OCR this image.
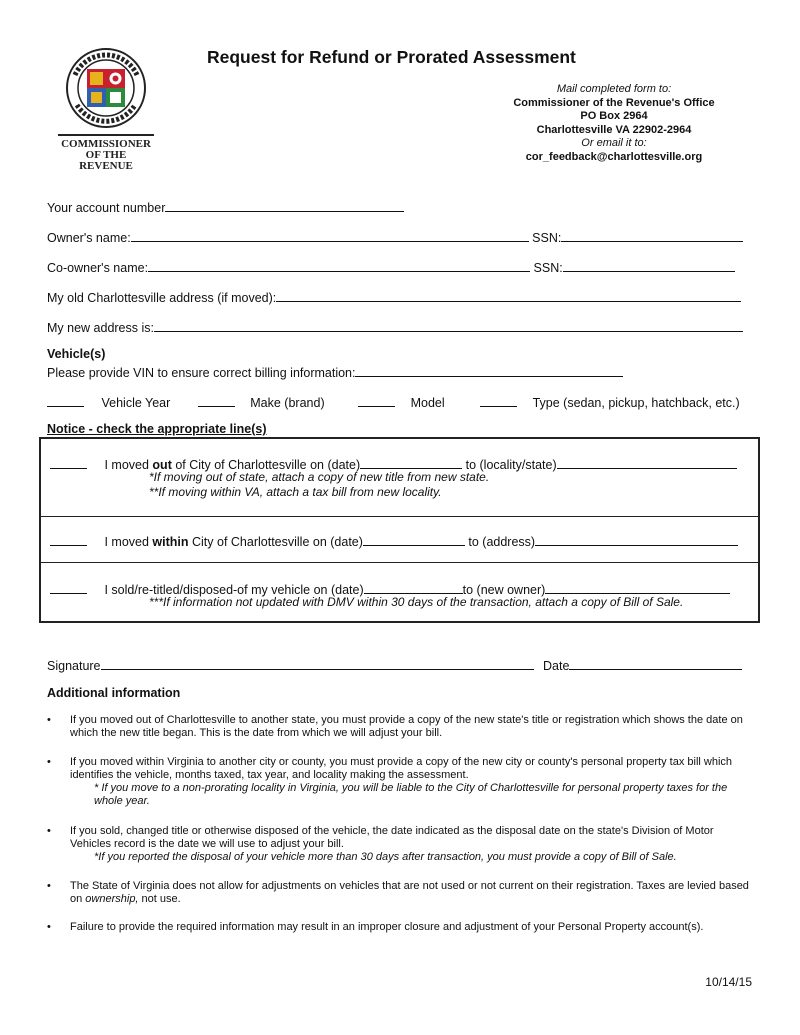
COMMISSIONER
OF THE
REVENUE
Request for Refund or Prorated Assessment
Mail completed form to:
Commissioner of the Revenue's Office
PO Box 2964
Charlottesville VA 22902-2964
Or email it to:
cor_feedback@charlottesville.org
Your account number
Owner's name:	SSN:
Co-owner's name:	SSN:
My old Charlottesville address (if moved):
My new address is:
Vehicle(s)
Please provide VIN to ensure correct billing information:
Vehicle Year	Make (brand)	Model	Type (sedan, pickup, hatchback, etc.)
Notice - check the appropriate line(s)
I moved out of City of Charlottesville on (date)	to (locality/state)
*If moving out of state, attach a copy of new title from new state.
**If moving within VA, attach a tax bill from new locality.
I moved within City of Charlottesville on (date)	to (address)
I sold/re-titled/disposed-of my vehicle on (date)	to (new owner)
***If information not updated with DMV within 30 days of the transaction, attach a copy of Bill of Sale.
Signature	Date
Additional information
• If you moved out of Charlottesville to another state, you must provide a copy of the new state's title or registration which shows the date on which the new title began. This is the date from which we will adjust your bill.
• If you moved within Virginia to another city or county, you must provide a copy of the new city or county's personal property tax bill which identifies the vehicle, months taxed, tax year, and locality making the assessment.
* If you move to a non-prorating locality in Virginia, you will be liable to the City of Charlottesville for personal property taxes for the whole year.
• If you sold, changed title or otherwise disposed of the vehicle, the date indicated as the disposal date on the state's Division of Motor Vehicles record is the date we will use to adjust your bill.
*If you reported the disposal of your vehicle more than 30 days after transaction, you must provide a copy of Bill of Sale.
• The State of Virginia does not allow for adjustments on vehicles that are not used or not current on their registration. Taxes are levied based on ownership, not use.
• Failure to provide the required information may result in an improper closure and adjustment of your Personal Property account(s).
10/14/15
